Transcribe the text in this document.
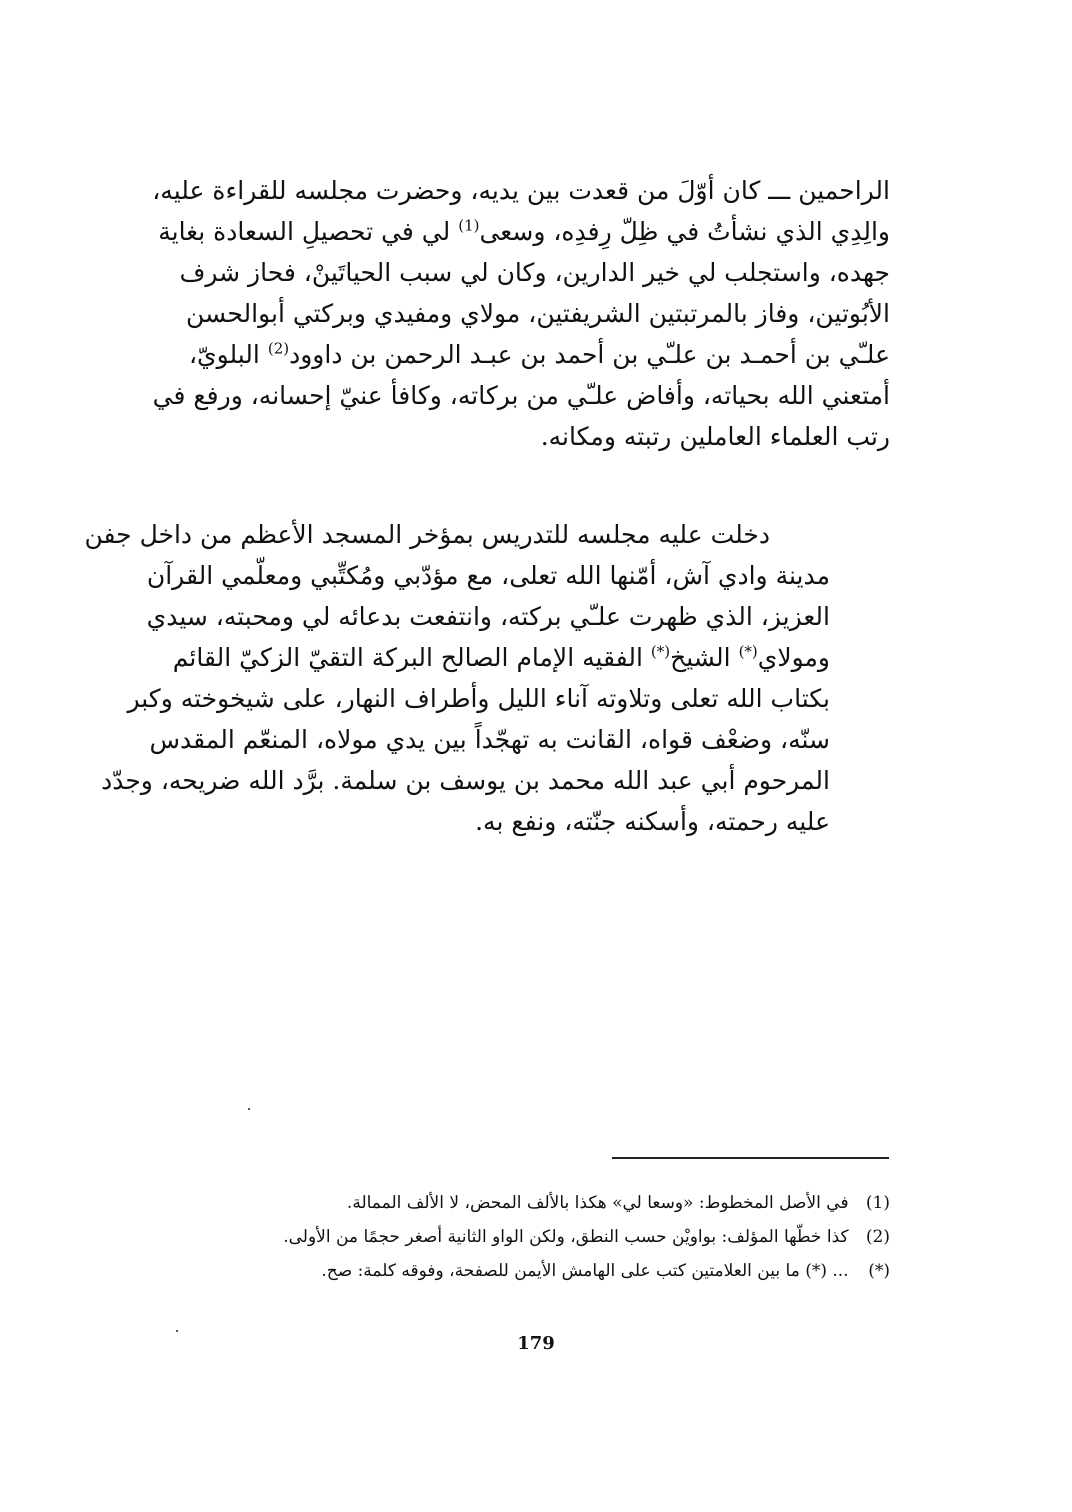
الراحمين ـــ كان أوّلَ من قعدت بين يديه، وحضرت مجلسه للقراءة عليه،
والِدِي الذي نشأتُ في ظِلّ رِفدِه، وسعى$^{(1)}$ لي في تحصيلِ السعادة بغاية
جهده، واستجلب لي خير الدارين، وكان لي سبب الحياتَينْ، فحاز شرف
الأبُوتين، وفاز بالمرتبتين الشريفتين، مولاي ومفيدي وبركتي أبوالحسن
علـّي بن أحمـد بن علـّي بن أحمد بن عبـد الرحمن بن داوود$^{(2)}$ البلويّ،
أمتعني الله بحياته، وأفاض علـّي من بركاته، وكافأ عنيّ إحسانه، ورفع في
رتب العلماء العاملين رتبته ومكانه.
دخلت عليه مجلسه للتدريس بمؤخر المسجد الأعظم من داخل جفن
مدينة وادي آش، أمّنها الله تعلى، مع مؤدّبي ومُكتِّبي ومعلّمي القرآن
العزيز، الذي ظهرت علـّي بركته، وانتفعت بدعائه لي ومحبته، سيدي
ومولاي(*) الشيخ(*) الفقيه الإمام الصالح البركة التقيّ الزكيّ القائم
بكتاب الله تعلى وتلاوته آناء الليل وأطراف النهار، على شيخوخته وكبر
سنّه، وضعْف قواه، القانت به تهجّداً بين يدي مولاه، المنعّم المقدس
المرحوم أبي عبد الله محمد بن يوسف بن سلمة. برَّد الله ضريحه، وجدّد
عليه رحمته، وأسكنه جنّته، ونفع به.
(1) في الأصل المخطوط: «وسعا لي» هكذا بالألف المحض، لا الألف الممالة.
(2) كذا خطّها المؤلف: بواويْن حسب النطق، ولكن الواو الثانية أصغر حجمًا من الأولى.
(*) ... (*) ما بين العلامتين كتب على الهامش الأيمن للصفحة، وفوقه كلمة: صح.
179
